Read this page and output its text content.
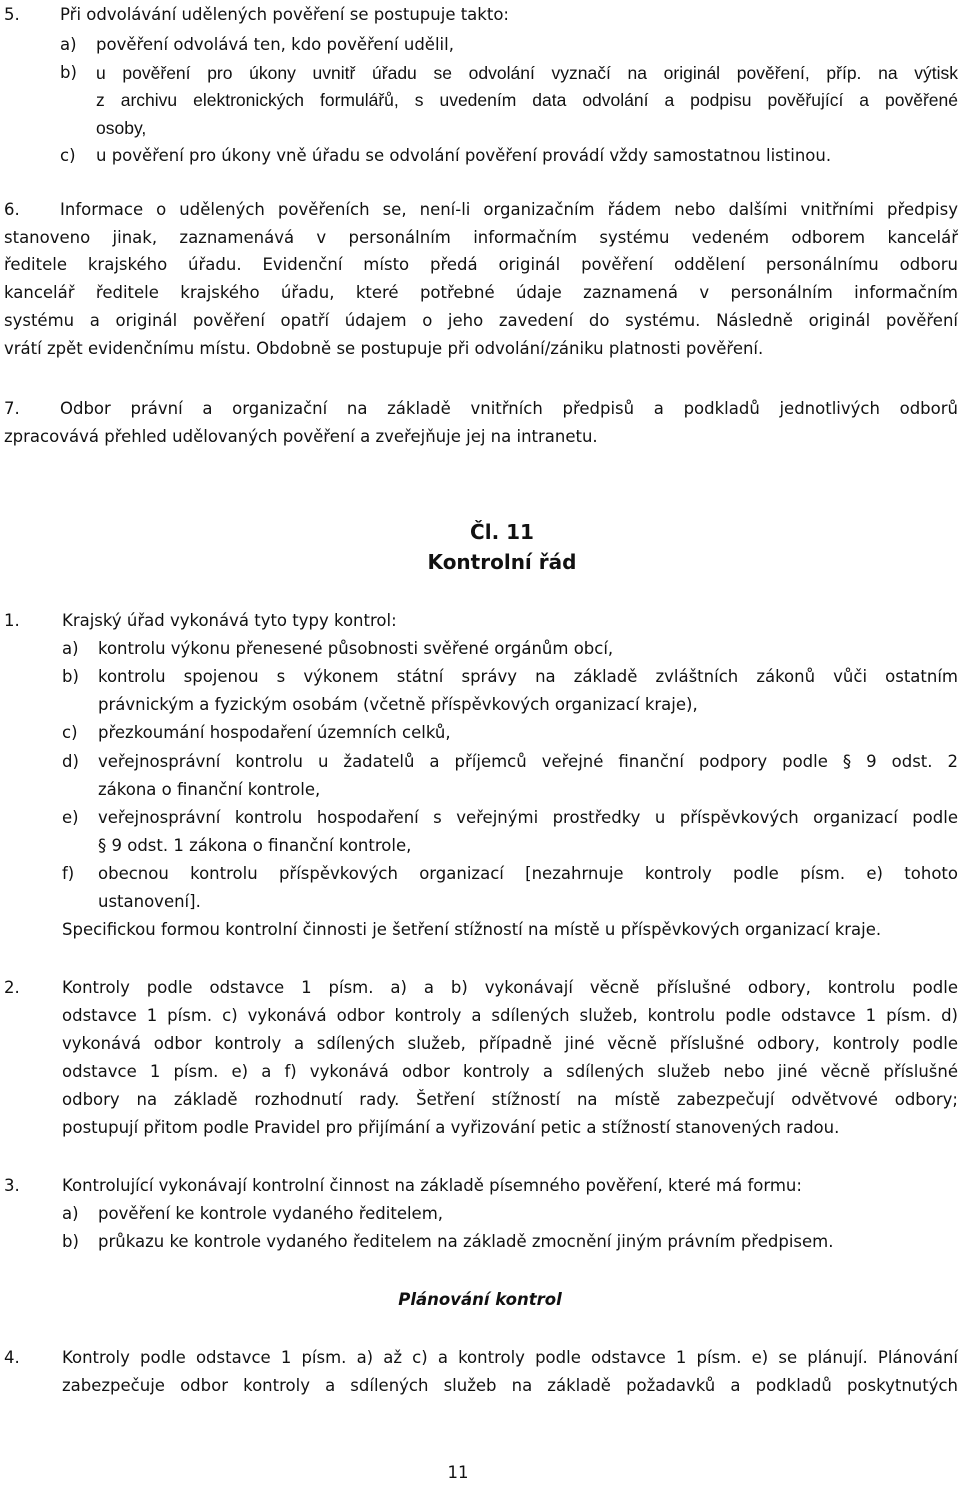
5. Při odvolávání udělených pověření se postupuje takto:
a) pověření odvolává ten, kdo pověření udělil,
b) u pověření pro úkony uvnitř úřadu se odvolání vyznačí na originál pověření, příp. na výtisk
z archivu elektronických formulářů, s uvedením data odvolání a podpisu pověřující a pověřené
osoby,
c) u pověření pro úkony vně úřadu se odvolání pověření provádí vždy samostatnou listinou.
6. Informace o udělených pověřeních se, není-li organizačním řádem nebo dalšími vnitřními předpisy
stanoveno jinak, zaznamenává v personálním informačním systému vedeném odborem kancelář
ředitele krajského úřadu. Evidenční místo předá originál pověření oddělení personálnímu odboru
kancelář ředitele krajského úřadu, které potřebné údaje zaznamená v personálním informačním
systému a originál pověření opatří údajem o jeho zavedení do systému. Následně originál pověření
vrátí zpět evidenčnímu místu. Obdobně se postupuje při odvolání/zániku platnosti pověření.
7. Odbor právní a organizační na základě vnitřních předpisů a podkladů jednotlivých odborů
zpracovává přehled udělovaných pověření a zveřejňuje jej na intranetu.
Čl. 11
Kontrolní řád
1.	Krajský úřad vykonává tyto typy kontrol:
a) kontrolu výkonu přenesené působnosti svěřené orgánům obcí,
b) kontrolu spojenou s výkonem státní správy na základě zvláštních zákonů vůči ostatním
právnickým a fyzickým osobám (včetně příspěvkových organizací kraje),
c) přezkoumání hospodaření územních celků,
d) veřejnosprávní kontrolu u žadatelů a příjemců veřejné finanční podpory podle § 9 odst. 2
zákona o finanční kontrole,
e) veřejnosprávní kontrolu hospodaření s veřejnými prostředky u příspěvkových organizací podle
§ 9 odst. 1 zákona o finanční kontrole,
f) obecnou kontrolu příspěvkových organizací [nezahrnuje kontroly podle písm. e) tohoto
ustanovení].
Specifickou formou kontrolní činnosti je šetření stížností na místě u příspěvkových organizací kraje.
2.	Kontroly podle odstavce 1 písm. a) a b) vykonávají věcně příslušné odbory, kontrolu podle
odstavce 1 písm. c) vykonává odbor kontroly a sdílených služeb, kontrolu podle odstavce 1 písm. d)
vykonává odbor kontroly a sdílených služeb, případně jiné věcně příslušné odbory, kontroly podle
odstavce 1 písm. e) a f) vykonává odbor kontroly a sdílených služeb nebo jiné věcně příslušné
odbory na základě rozhodnutí rady. Šetření stížností na místě zabezpečují odvětvové odbory;
postupují přitom podle Pravidel pro přijímání a vyřizování petic a stížností stanovených radou.
3.	Kontrolující vykonávají kontrolní činnost na základě písemného pověření, které má formu:
a) pověření ke kontrole vydaného ředitelem,
b) průkazu ke kontrole vydaného ředitelem na základě zmocnění jiným právním předpisem.
Plánování kontrol
4.	Kontroly podle odstavce 1 písm. a) až c) a kontroly podle odstavce 1 písm. e) se plánují. Plánování
zabezpečuje odbor kontroly a sdílených služeb na základě požadavků a podkladů poskytnutých
11
